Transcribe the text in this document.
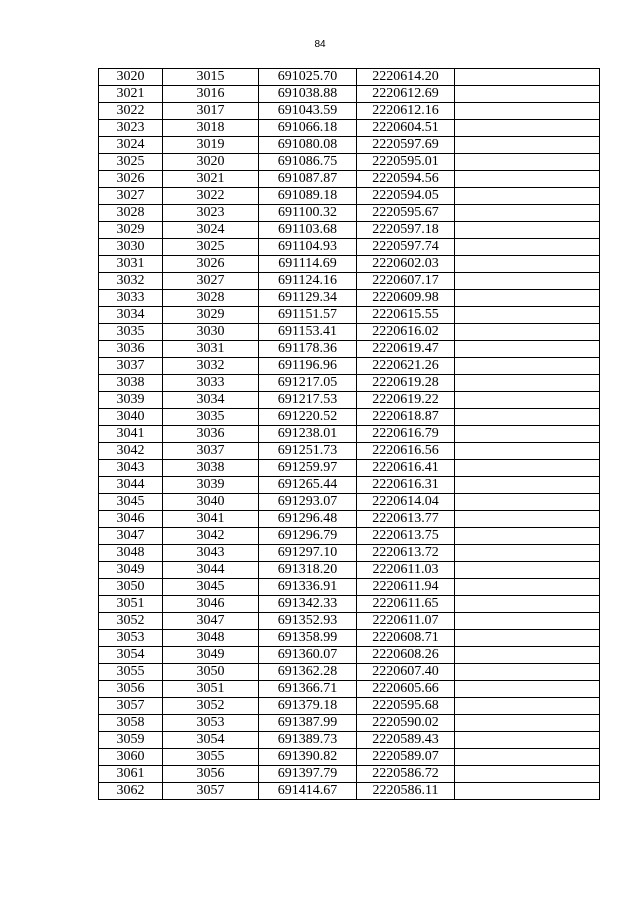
84
3020	3015	691025.70	2220614.20	
3021	3016	691038.88	2220612.69	
3022	3017	691043.59	2220612.16	
3023	3018	691066.18	2220604.51	
3024	3019	691080.08	2220597.69	
3025	3020	691086.75	2220595.01	
3026	3021	691087.87	2220594.56	
3027	3022	691089.18	2220594.05	
3028	3023	691100.32	2220595.67	
3029	3024	691103.68	2220597.18	
3030	3025	691104.93	2220597.74	
3031	3026	691114.69	2220602.03	
3032	3027	691124.16	2220607.17	
3033	3028	691129.34	2220609.98	
3034	3029	691151.57	2220615.55	
3035	3030	691153.41	2220616.02	
3036	3031	691178.36	2220619.47	
3037	3032	691196.96	2220621.26	
3038	3033	691217.05	2220619.28	
3039	3034	691217.53	2220619.22	
3040	3035	691220.52	2220618.87	
3041	3036	691238.01	2220616.79	
3042	3037	691251.73	2220616.56	
3043	3038	691259.97	2220616.41	
3044	3039	691265.44	2220616.31	
3045	3040	691293.07	2220614.04	
3046	3041	691296.48	2220613.77	
3047	3042	691296.79	2220613.75	
3048	3043	691297.10	2220613.72	
3049	3044	691318.20	2220611.03	
3050	3045	691336.91	2220611.94	
3051	3046	691342.33	2220611.65	
3052	3047	691352.93	2220611.07	
3053	3048	691358.99	2220608.71	
3054	3049	691360.07	2220608.26	
3055	3050	691362.28	2220607.40	
3056	3051	691366.71	2220605.66	
3057	3052	691379.18	2220595.68	
3058	3053	691387.99	2220590.02	
3059	3054	691389.73	2220589.43	
3060	3055	691390.82	2220589.07	
3061	3056	691397.79	2220586.72	
3062	3057	691414.67	2220586.11	
